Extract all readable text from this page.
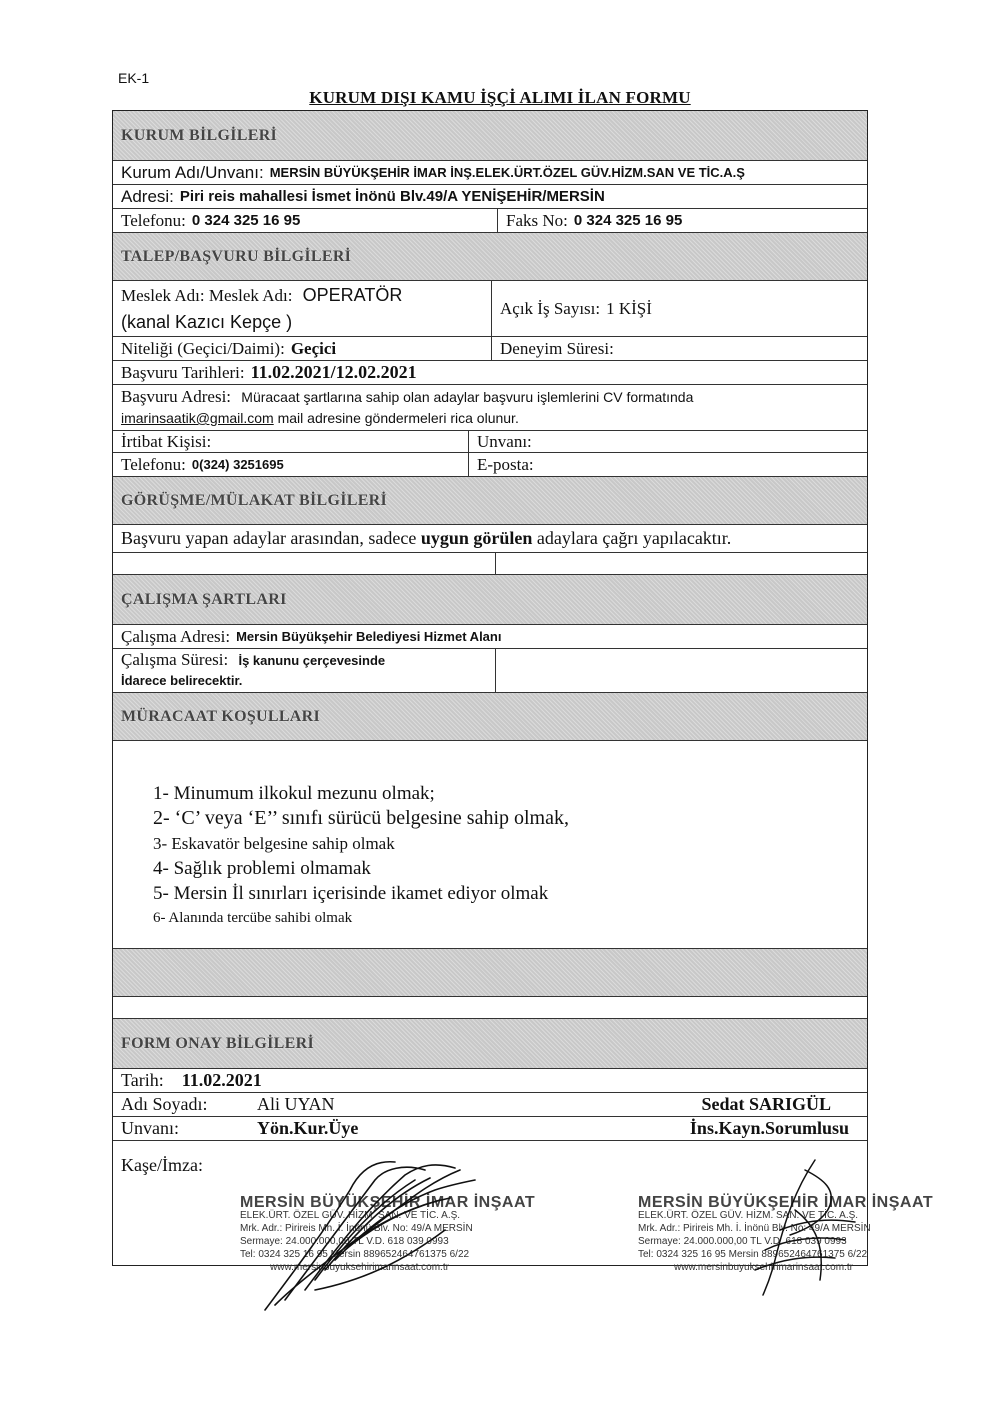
EK-1
KURUM DIŞI KAMU İŞÇİ ALIMI İLAN FORMU
KURUM BİLGİLERİ
Kurum Adı/Unvanı: MERSİN BÜYÜKŞEHİR İMAR İNŞ.ELEK.ÜRT.ÖZEL GÜV.HİZM.SAN VE TİC.A.Ş
Adresi: Piri reis mahallesi İsmet İnönü Blv.49/A YENİŞEHİR/MERSİN
Telefonu: 0 324 325 16 95	Faks No: 0 324 325 16 95
TALEP/BAŞVURU BİLGİLERİ
Meslek Adı: Meslek Adı: OPERATÖR
(kanal Kazıcı Kepçe )
Açık İş Sayısı: 1 KİŞİ
Niteliği (Geçici/Daimi): Geçici	Deneyim Süresi:
Başvuru Tarihleri: 11.02.2021/12.02.2021
Başvuru Adresi: Müracaat şartlarına sahip olan adaylar başvuru işlemlerini CV formatında
imarinsaatik@gmail.com mail adresine göndermeleri rica olunur.
İrtibat Kişisi:	Unvanı:
Telefonu: 0(324) 3251695	E-posta:
GÖRÜŞME/MÜLAKAT BİLGİLERİ
Başvuru yapan adaylar arasından, sadece
uygun görülen
adaylara çağrı yapılacaktır.
ÇALIŞMA ŞARTLARI
Çalışma Adresi: Mersin Büyükşehir Belediyesi Hizmet Alanı
Çalışma Süresi: İş kanunu çerçevesinde
İdarece belirecektir.
MÜRACAAT KOŞULLARI
1- Minumum ilkokul mezunu olmak;
2- ‘C’ veya ‘E’’ sınıfı sürücü belgesine sahip olmak,
3- Eskavatör belgesine sahip olmak
4- Sağlık problemi olmamak
5- Mersin İl sınırları içerisinde ikamet ediyor olmak
6- Alanında tercübe sahibi olmak
FORM ONAY BİLGİLERİ
Tarih: 11.02.2021
Adı Soyadı:	Ali UYAN	Sedat SARIGÜL
Unvanı:	Yön.Kur.Üye	İns.Kayn.Sorumlusu
Kaşe/İmza:
MERSİN BÜYÜKŞEHİR İMAR İNŞAAT
ELEK.ÜRT. ÖZEL GÜV. HİZM. SAN. VE TİC. A.Ş.
Mrk. Adr.: Pirireis Mh. İ. İnönü Blv. No: 49/A MERSİN
Sermaye: 24.000.000,00 TL V.D. 618 039 0993
Tel: 0324 325 16 95 Mersin 889652464761375 6/22
www.mersinbuyuksehirimarinsaat.com.tr
MERSİN BÜYÜKŞEHİR İMAR İNŞAAT
ELEK.ÜRT. ÖZEL GÜV. HİZM. SAN. VE TİC. A.Ş.
Mrk. Adr.: Pirireis Mh. İ. İnönü Blv. No: 49/A MERSİN
Sermaye: 24.000.000,00 TL V.D. 618 039 0993
Tel: 0324 325 16 95 Mersin 889652464761375 6/22
www.mersinbuyuksehirimarinsaat.com.tr
